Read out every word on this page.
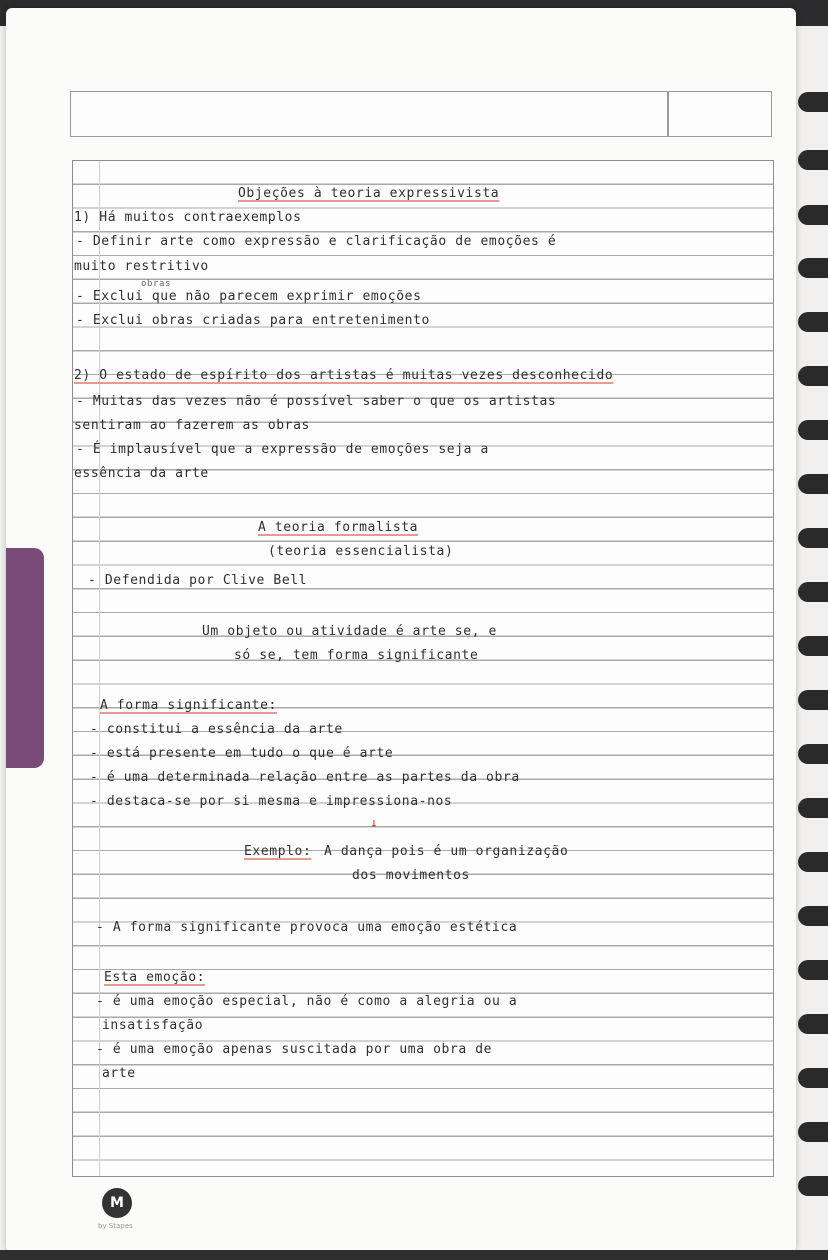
Objeções à teoria expressivista
1) Há muitos contraexemplos
- Definir arte como expressão e clarificação de emoções é
muito restritivo
obras
- Exclui que não parecem exprimir emoções
- Exclui obras criadas para entretenimento
2) O estado de espírito dos artistas é muitas vezes desconhecido
- Muitas das vezes não é possível saber o que os artistas
sentiram ao fazerem as obras
- É implausível que a expressão de emoções seja a
essência da arte
A teoria formalista
(teoria essencialista)
- Defendida por Clive Bell
Um objeto ou atividade é arte se, e
só se, tem forma significante
A forma significante:
- constitui a essência da arte
- está presente em tudo o que é arte
- é uma determinada relação entre as partes da obra
- destaca-se por si mesma e impressiona-nos
↓
Exemplo: A dança pois é um organização
dos movimentos
- A forma significante provoca uma emoção estética
Esta emoção:
- é uma emoção especial, não é como a alegria ou a
insatisfação
- é uma emoção apenas suscitada por uma obra de
arte
M
by Stapes
